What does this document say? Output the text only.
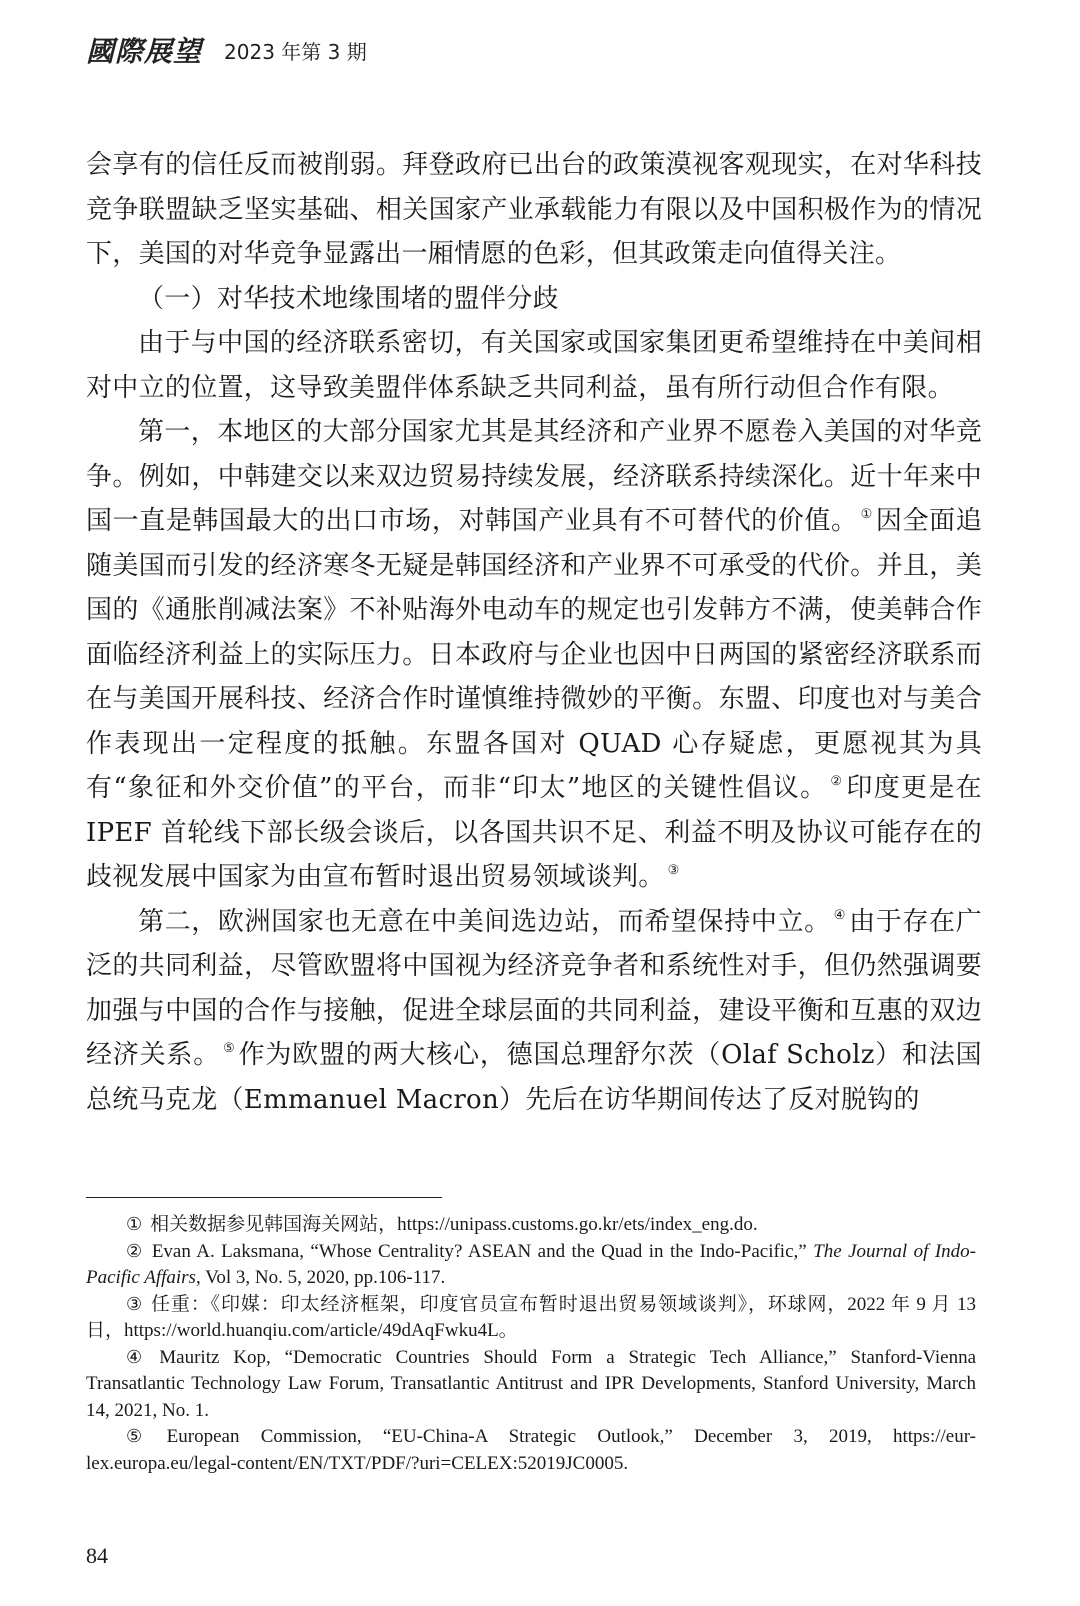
國際展望 2023 年第 3 期

会享有的信任反而被削弱。拜登政府已出台的政策漠视客观现实，在对华科技竞争联盟缺乏坚实基础、相关国家产业承载能力有限以及中国积极作为的情况下，美国的对华竞争显露出一厢情愿的色彩，但其政策走向值得关注。

（一）对华技术地缘围堵的盟伴分歧

由于与中国的经济联系密切，有关国家或国家集团更希望维持在中美间相对中立的位置，这导致美盟伴体系缺乏共同利益，虽有所行动但合作有限。

第一，本地区的大部分国家尤其是其经济和产业界不愿卷入美国的对华竞争。例如，中韩建交以来双边贸易持续发展，经济联系持续深化。近十年来中国一直是韩国最大的出口市场，对韩国产业具有不可替代的价值。 ① 因全面追随美国而引发的经济寒冬无疑是韩国经济和产业界不可承受的代价。并且，美国的《通胀削减法案》不补贴海外电动车的规定也引发韩方不满，使美韩合作面临经济利益上的实际压力。日本政府与企业也因中日两国的紧密经济联系而在与美国开展科技、经济合作时谨慎维持微妙的平衡。东盟、印度也对与美合作表现出一定程度的抵触。东盟各国对 QUAD 心存疑虑，更愿视其为具有“象征和外交价值”的平台，而非“印太”地区的关键性倡议。 ② 印度更是在 IPEF 首轮线下部长级会谈后，以各国共识不足、利益不明及协议可能存在的歧视发展中国家为由宣布暂时退出贸易领域谈判。 ③

第二，欧洲国家也无意在中美间选边站，而希望保持中立。 ④ 由于存在广泛的共同利益，尽管欧盟将中国视为经济竞争者和系统性对手，但仍然强调要加强与中国的合作与接触，促进全球层面的共同利益，建设平衡和互惠的双边经济关系。 ⑤ 作为欧盟的两大核心，德国总理舒尔茨（Olaf Scholz）和法国总统马克龙（Emmanuel Macron）先后在访华期间传达了反对脱钩的

① 相关数据参见韩国海关网站，https://unipass.customs.go.kr/ets/index_eng.do.

② Evan A. Laksmana, “Whose Centrality? ASEAN and the Quad in the Indo-Pacific,” The Journal of Indo-Pacific Affairs, Vol 3, No. 5, 2020, pp.106-117.

③ 任重：《印媒：印太经济框架，印度官员宣布暂时退出贸易领域谈判》，环球网，2022 年 9 月 13 日，https://world.huanqiu.com/article/49dAqFwku4L。

④ Mauritz Kop, “Democratic Countries Should Form a Strategic Tech Alliance,” Stanford-Vienna Transatlantic Technology Law Forum, Transatlantic Antitrust and IPR Developments, Stanford University, March 14, 2021, No. 1.

⑤ European Commission, “EU-China-A Strategic Outlook,” December 3, 2019, https://eur-lex.europa.eu/legal-content/EN/TXT/PDF/?uri=CELEX:52019JC0005.

84
